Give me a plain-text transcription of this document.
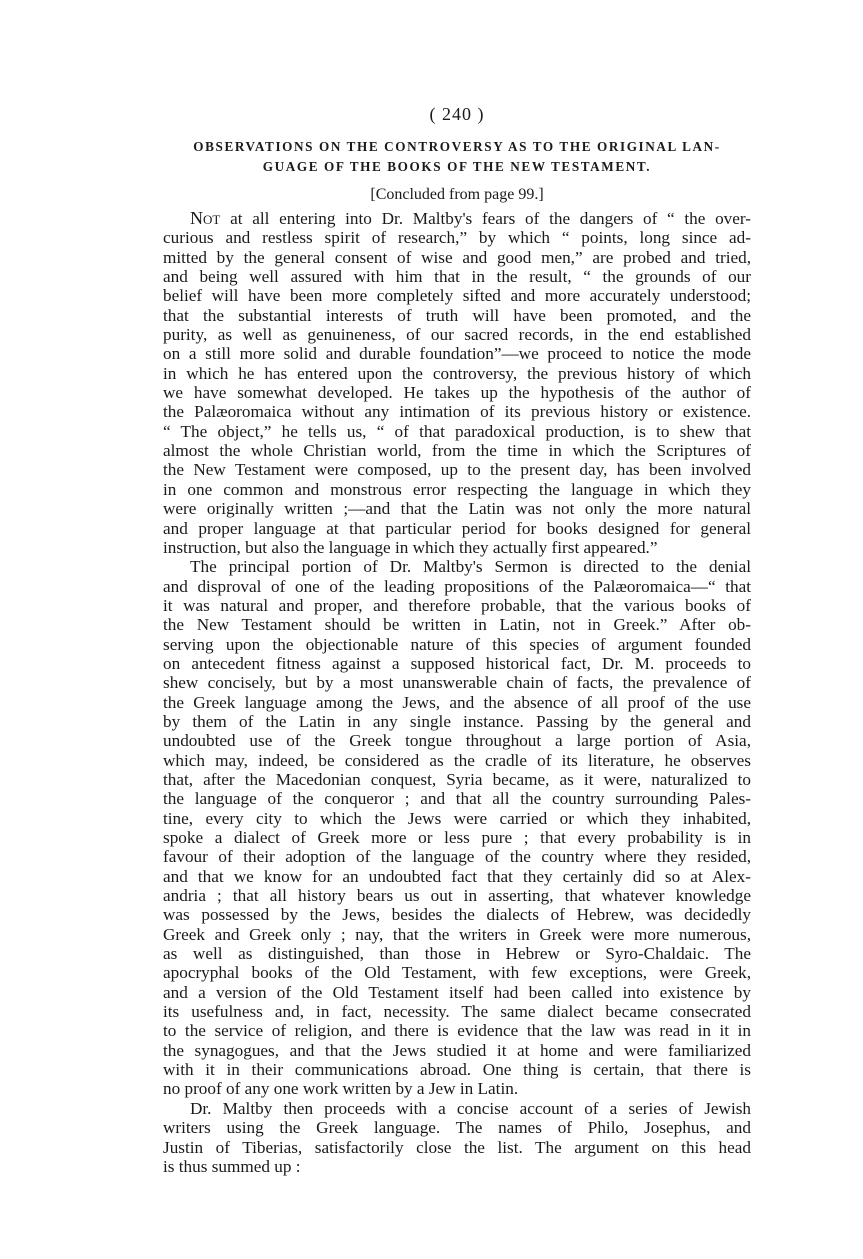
( 240 )
OBSERVATIONS ON THE CONTROVERSY AS TO THE ORIGINAL LAN-
GUAGE OF THE BOOKS OF THE NEW TESTAMENT.
[Concluded from page 99.]
Not at all entering into Dr. Maltby's fears of the dangers of “ the over-
curious and restless spirit of research,” by which “ points, long since ad-
mitted by the general consent of wise and good men,” are probed and tried,
and being well assured with him that in the result, “ the grounds of our
belief will have been more completely sifted and more accurately understood;
that the substantial interests of truth will have been promoted, and the
purity, as well as genuineness, of our sacred records, in the end established
on a still more solid and durable foundation”—we proceed to notice the mode
in which he has entered upon the controversy, the previous history of which
we have somewhat developed. He takes up the hypothesis of the author of
the Palæoromaica without any intimation of its previous history or existence.
“ The object,” he tells us, “ of that paradoxical production, is to shew that
almost the whole Christian world, from the time in which the Scriptures of
the New Testament were composed, up to the present day, has been involved
in one common and monstrous error respecting the language in which they
were originally written ;—and that the Latin was not only the more natural
and proper language at that particular period for books designed for general
instruction, but also the language in which they actually first appeared.”
The principal portion of Dr. Maltby's Sermon is directed to the denial
and disproval of one of the leading propositions of the Palæoromaica—“ that
it was natural and proper, and therefore probable, that the various books of
the New Testament should be written in Latin, not in Greek.” After ob-
serving upon the objectionable nature of this species of argument founded
on antecedent fitness against a supposed historical fact, Dr. M. proceeds to
shew concisely, but by a most unanswerable chain of facts, the prevalence of
the Greek language among the Jews, and the absence of all proof of the use
by them of the Latin in any single instance. Passing by the general and
undoubted use of the Greek tongue throughout a large portion of Asia,
which may, indeed, be considered as the cradle of its literature, he observes
that, after the Macedonian conquest, Syria became, as it were, naturalized to
the language of the conqueror ; and that all the country surrounding Pales-
tine, every city to which the Jews were carried or which they inhabited,
spoke a dialect of Greek more or less pure ; that every probability is in
favour of their adoption of the language of the country where they resided,
and that we know for an undoubted fact that they certainly did so at Alex-
andria ; that all history bears us out in asserting, that whatever knowledge
was possessed by the Jews, besides the dialects of Hebrew, was decidedly
Greek and Greek only ; nay, that the writers in Greek were more numerous,
as well as distinguished, than those in Hebrew or Syro-Chaldaic. The
apocryphal books of the Old Testament, with few exceptions, were Greek,
and a version of the Old Testament itself had been called into existence by
its usefulness and, in fact, necessity. The same dialect became consecrated
to the service of religion, and there is evidence that the law was read in it in
the synagogues, and that the Jews studied it at home and were familiarized
with it in their communications abroad. One thing is certain, that there is
no proof of any one work written by a Jew in Latin.
Dr. Maltby then proceeds with a concise account of a series of Jewish
writers using the Greek language. The names of Philo, Josephus, and
Justin of Tiberias, satisfactorily close the list. The argument on this head
is thus summed up :
